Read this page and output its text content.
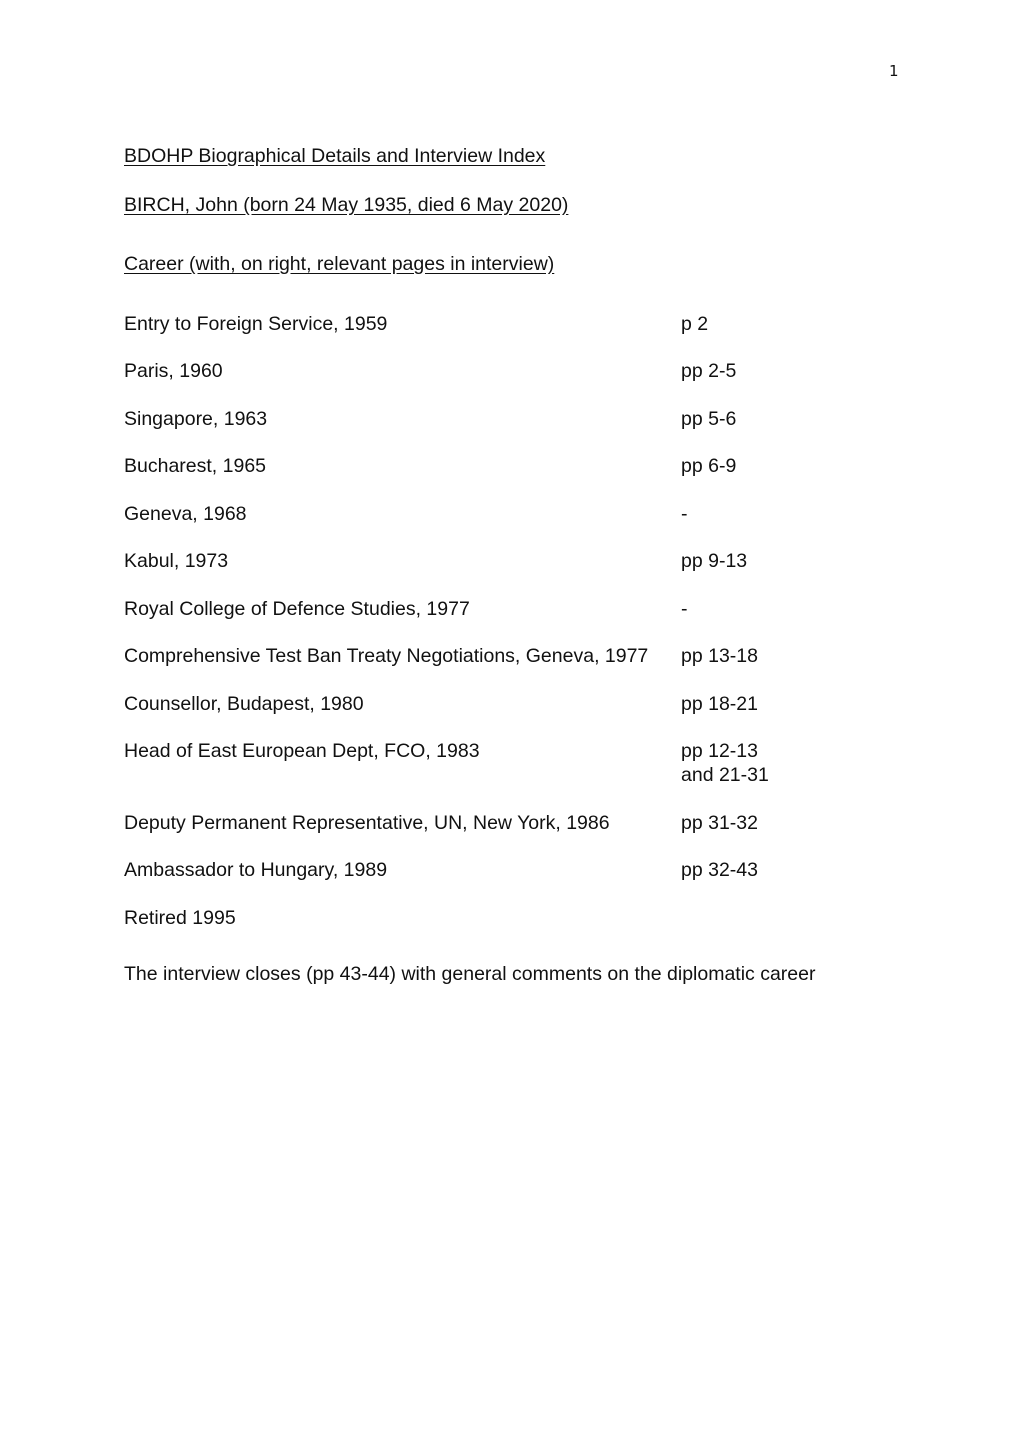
1
BDOHP Biographical Details and Interview Index
BIRCH, John (born 24 May 1935, died 6 May 2020)
Career (with, on right, relevant pages in interview)
Entry to Foreign Service, 1959	p 2
Paris, 1960	pp 2-5
Singapore, 1963	pp 5-6
Bucharest, 1965	pp 6-9
Geneva, 1968	-
Kabul, 1973	pp 9-13
Royal College of Defence Studies, 1977	-
Comprehensive Test Ban Treaty Negotiations, Geneva, 1977 pp 13-18
Counsellor, Budapest, 1980	pp 18-21
Head of East European Dept, FCO, 1983	pp 12-13
and 21-31
Deputy Permanent Representative, UN, New York, 1986	pp 31-32
Ambassador to Hungary, 1989	pp 32-43
Retired 1995
The interview closes (pp 43-44) with general comments on the diplomatic career
